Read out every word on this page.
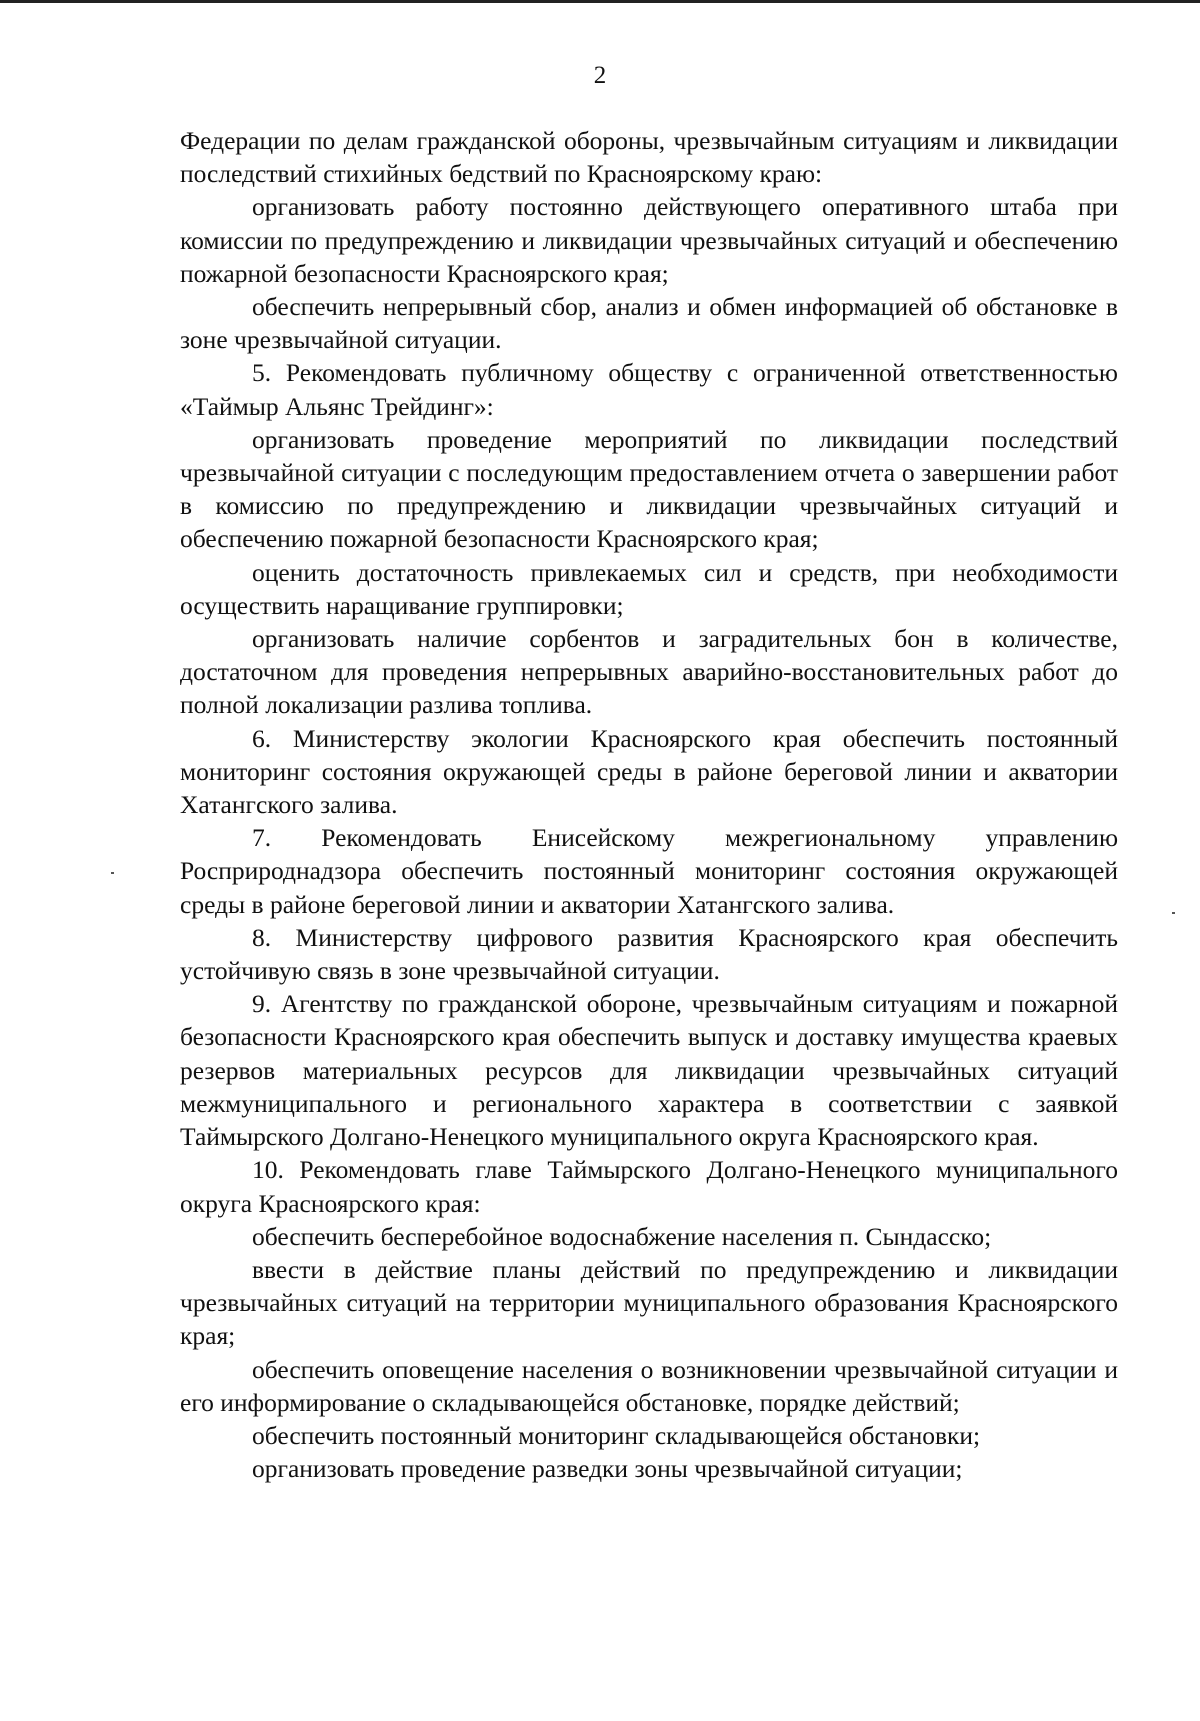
2

Федерации по делам гражданской обороны, чрезвычайным ситуациям и ликвидации последствий стихийных бедствий по Красноярскому краю:

организовать работу постоянно действующего оперативного штаба при комиссии по предупреждению и ликвидации чрезвычайных ситуаций и обеспечению пожарной безопасности Красноярского края;

обеспечить непрерывный сбор, анализ и обмен информацией об обстановке в зоне чрезвычайной ситуации.

5. Рекомендовать публичному обществу с ограниченной ответственностью «Таймыр Альянс Трейдинг»:

организовать проведение мероприятий по ликвидации последствий чрезвычайной ситуации с последующим предоставлением отчета о завершении работ в комиссию по предупреждению и ликвидации чрезвычайных ситуаций и обеспечению пожарной безопасности Красноярского края;

оценить достаточность привлекаемых сил и средств, при необходимости осуществить наращивание группировки;

организовать наличие сорбентов и заградительных бон в количестве, достаточном для проведения непрерывных аварийно-восстановительных работ до полной локализации разлива топлива.

6. Министерству экологии Красноярского края обеспечить постоянный мониторинг состояния окружающей среды в районе береговой линии и акватории Хатангского залива.

7. Рекомендовать Енисейскому межрегиональному управлению Росприроднадзора обеспечить постоянный мониторинг состояния окружающей среды в районе береговой линии и акватории Хатангского залива.

8. Министерству цифрового развития Красноярского края обеспечить устойчивую связь в зоне чрезвычайной ситуации.

9. Агентству по гражданской обороне, чрезвычайным ситуациям и пожарной безопасности Красноярского края обеспечить выпуск и доставку имущества краевых резервов материальных ресурсов для ликвидации чрезвычайных ситуаций межмуниципального и регионального характера в соответствии с заявкой Таймырского Долгано-Ненецкого муниципального округа Красноярского края.

10. Рекомендовать главе Таймырского Долгано-Ненецкого муниципального округа Красноярского края:

обеспечить бесперебойное водоснабжение населения п. Сындасско;

ввести в действие планы действий по предупреждению и ликвидации чрезвычайных ситуаций на территории муниципального образования Красноярского края;

обеспечить оповещение населения о возникновении чрезвычайной ситуации и его информирование о складывающейся обстановке, порядке действий;

обеспечить постоянный мониторинг складывающейся обстановки;

организовать проведение разведки зоны чрезвычайной ситуации;
